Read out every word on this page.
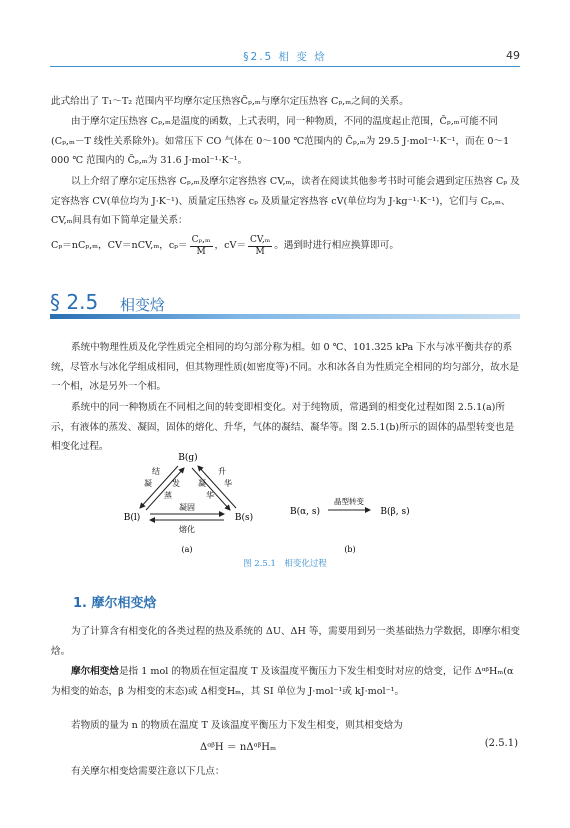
§2.5 相 变 焓	49

此式给出了 T₁～T₂ 范围内平均摩尔定压热容C̄ₚ,ₘ与摩尔定压热容 Cₚ,ₘ之间的关系。

由于摩尔定压热容 Cₚ,ₘ是温度的函数，上式表明，同一种物质，不同的温度起止范围，C̄ₚ,ₘ可能不同(Cₚ,ₘ－T 线性关系除外)。如常压下 CO 气体在 0～100 ℃范围内的 C̄ₚ,ₘ为 29.5 J·mol⁻¹·K⁻¹，而在 0～1 000 ℃ 范围内的 C̄ₚ,ₘ为 31.6 J·mol⁻¹·K⁻¹。

以上介绍了摩尔定压热容 Cₚ,ₘ及摩尔定容热容 CV,ₘ，读者在阅读其他参考书时可能会遇到定压热容 Cₚ 及定容热容 CV(单位均为 J·K⁻¹)、质量定压热容 cₚ 及质量定容热容 cV(单位均为 J·kg⁻¹·K⁻¹)，它们与 Cₚ,ₘ、CV,ₘ间具有如下简单定量关系：

Cₚ＝nCₚ,ₘ，CV＝nCV,ₘ，$c_p= \frac{\text{Cₚ,ₘ}}{M}$ ，$cV= \frac{\text{CV,ₘ}}{M}$ 。遇到时进行相应换算即可。
§ 2.5 相变焓

系统中物理性质及化学性质完全相同的均匀部分称为相。如 0 ℃、101.325 kPa 下水与冰平衡共存的系统，尽管水与冰化学组成相同，但其物理性质(如密度等)不同。水和冰各自为性质完全相同的均匀部分，故水是一个相，冰是另外一个相。

系统中的同一种物质在不同相之间的转变即相变化。对于纯物质，常遇到的相变化过程如图 2.5.1(a)所示，有液体的蒸发、凝固，固体的熔化、升华，气体的凝结、凝华等。图 2.5.1(b)所示的固体的晶型转变也是相变化过程。

B(g)
B(l)	B(s)
结
凝	发
蒸
凝
华
升
华
凝固
熔化
(a)
B(α, s)
晶型转变
B(β, s)
(b)
图 2.5.1　相变化过程
1. 摩尔相变焓

为了计算含有相变化的各类过程的热及系统的 ΔU、ΔH 等，需要用到另一类基础热力学数据，即摩尔相变焓。

摩尔相变焓是指 1 mol 的物质在恒定温度 T 及该温度平衡压力下发生相变时对应的焓变，记作 ΔᵅᵝHₘ(α 为相变的始态，β 为相变的末态)或 Δ相变Hₘ，其 SI 单位为 J·mol⁻¹或 kJ·mol⁻¹。

若物质的量为 n 的物质在温度 T 及该温度平衡压力下发生相变，则其相变焓为

ΔᵅᵝH ＝ nΔᵅᵝHₘ	(2.5.1)

有关摩尔相变焓需要注意以下几点：
